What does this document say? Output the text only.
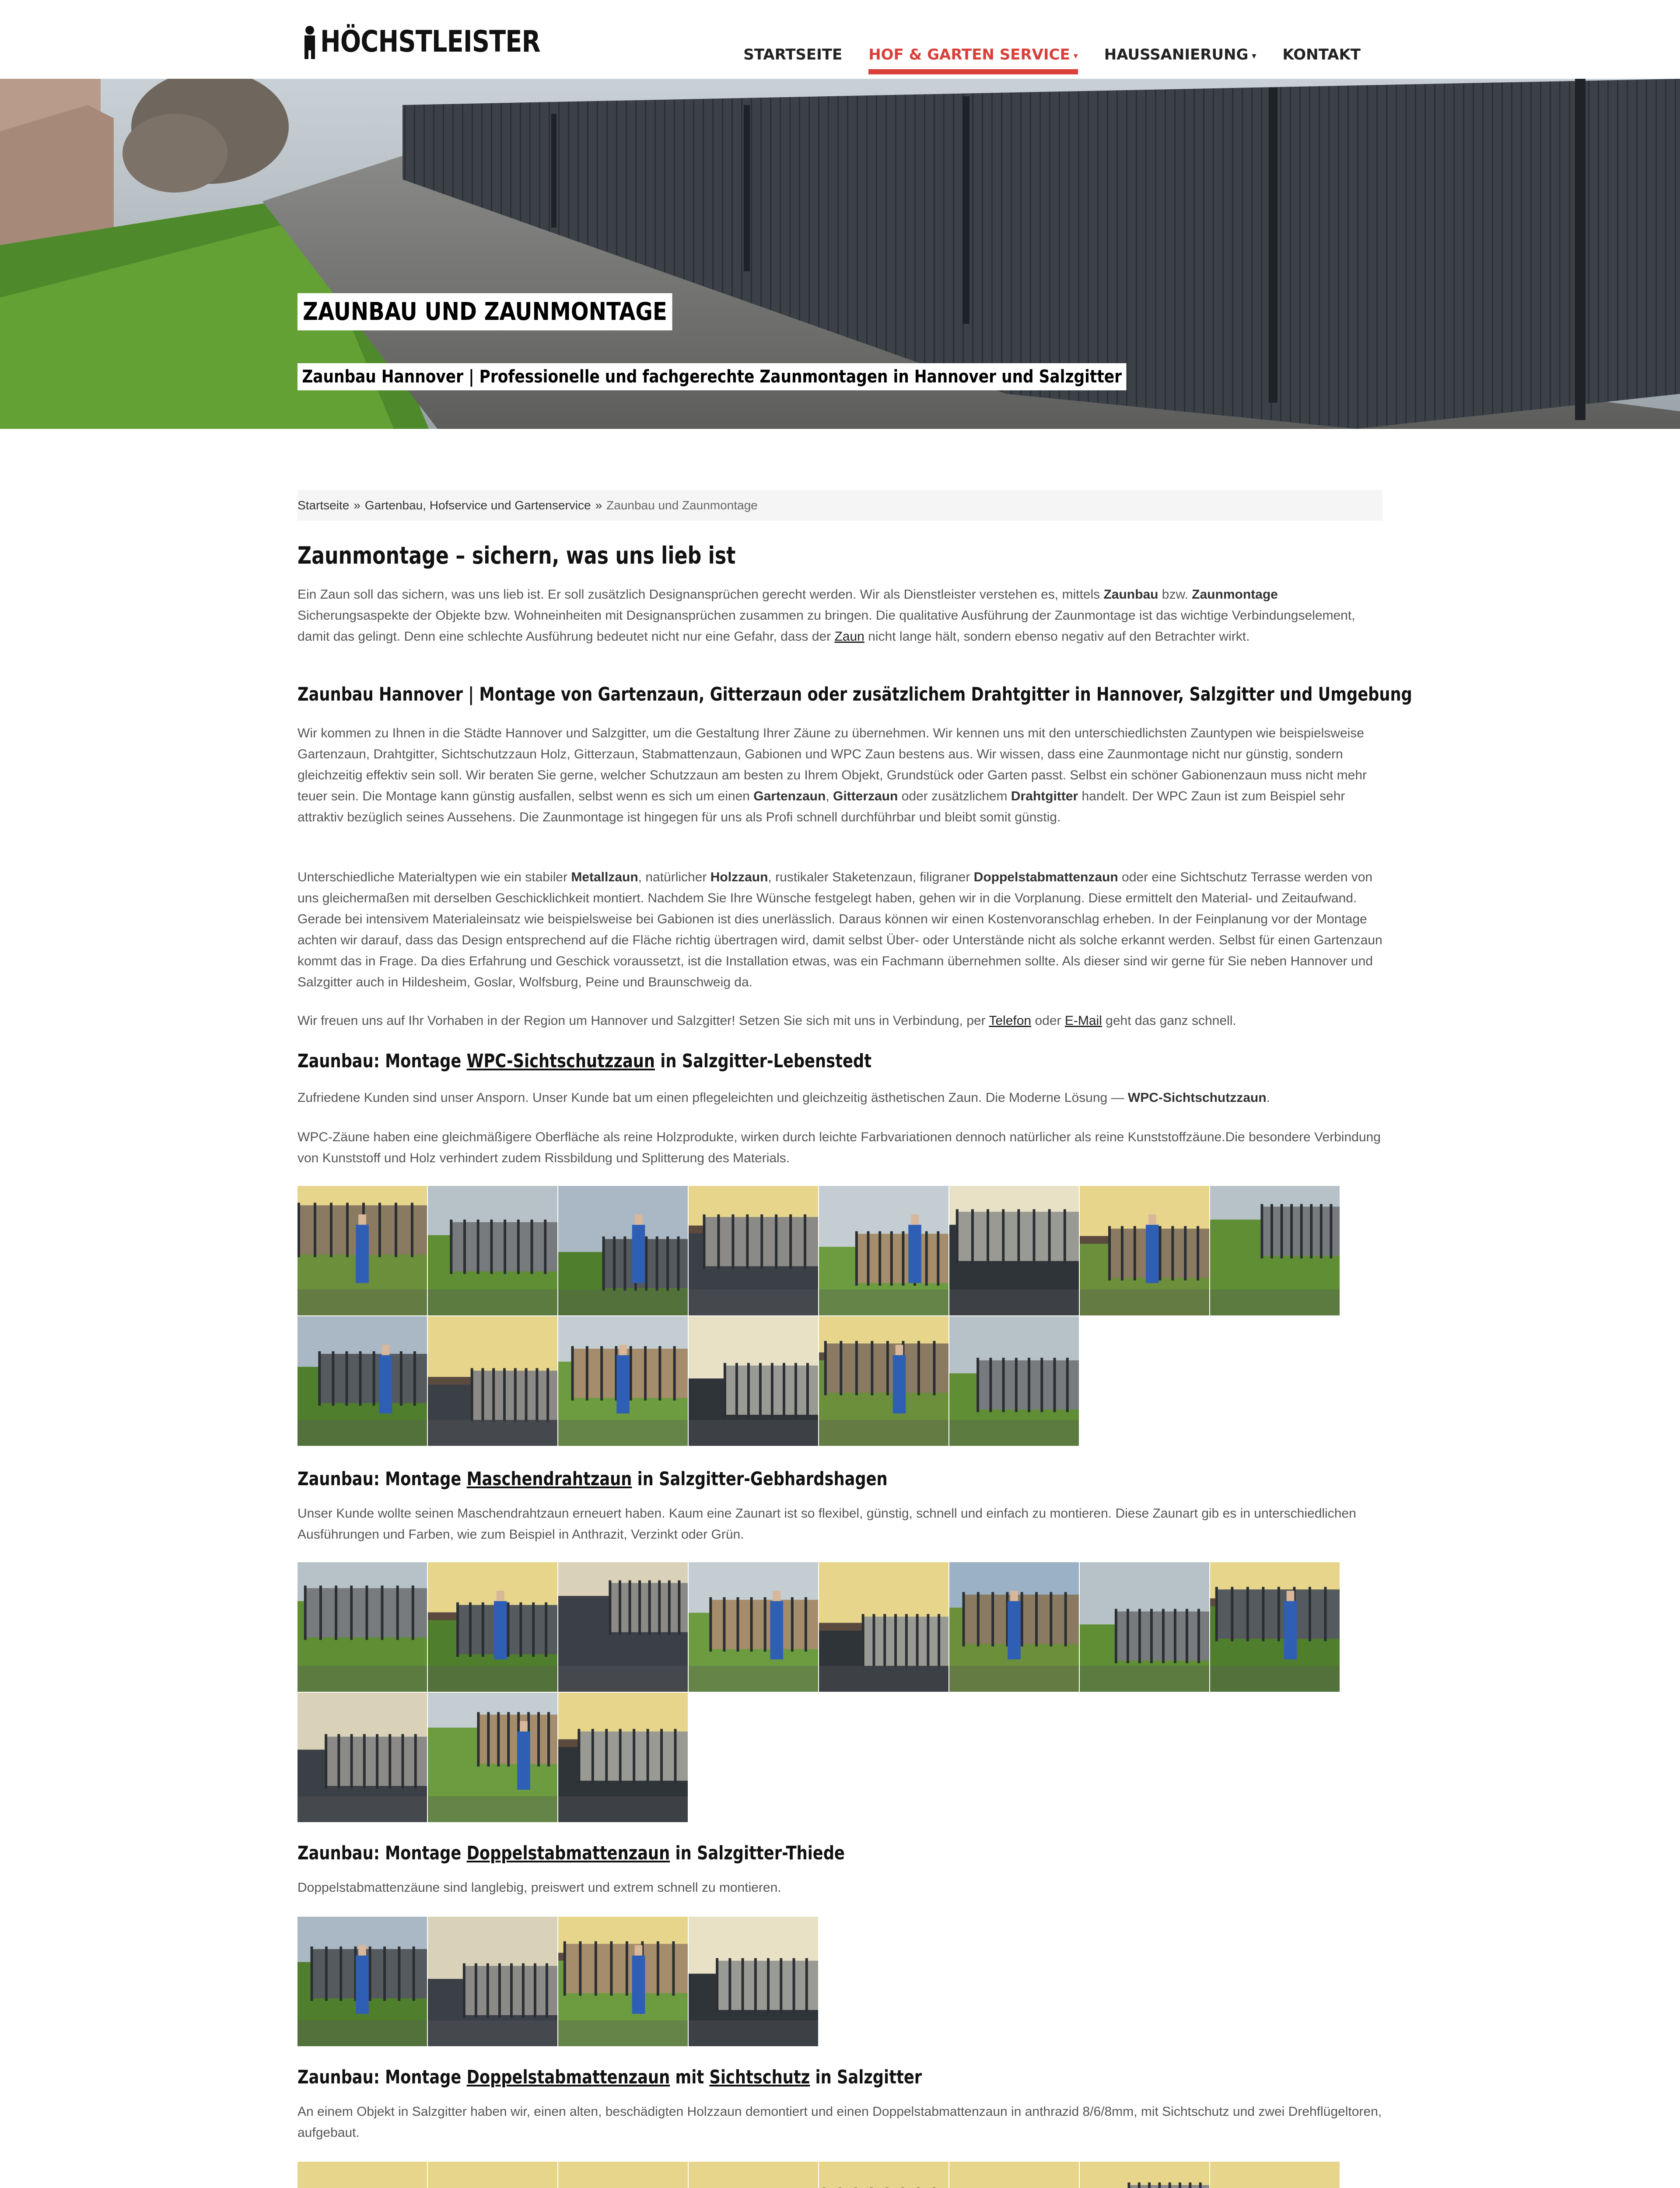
HÖCHSTLEISTER	STARTSEITE	HOF & GARTEN SERVICE ▾	HAUSSANIERUNG ▾	KONTAKT
ZAUNBAU UND ZAUNMONTAGE
Zaunbau Hannover | Professionelle und fachgerechte Zaunmontagen in Hannover und Salzgitter
Startseite » Gartenbau, Hofservice und Gartenservice » Zaunbau und Zaunmontage
Zaunmontage – sichern, was uns lieb ist
Ein Zaun soll das sichern, was uns lieb ist. Er soll zusätzlich Designansprüchen gerecht werden. Wir als Dienstleister verstehen es, mittels Zaunbau bzw. Zaunmontage Sicherungsaspekte der Objekte bzw. Wohneinheiten mit Designansprüchen zusammen zu bringen. Die qualitative Ausführung der Zaunmontage ist das wichtige Verbindungselement, damit das gelingt. Denn eine schlechte Ausführung bedeutet nicht nur eine Gefahr, dass der Zaun nicht lange hält, sondern ebenso negativ auf den Betrachter wirkt.
Zaunbau Hannover | Montage von Gartenzaun, Gitterzaun oder zusätzlichem Drahtgitter in Hannover, Salzgitter und Umgebung
Wir kommen zu Ihnen in die Städte Hannover und Salzgitter, um die Gestaltung Ihrer Zäune zu übernehmen. Wir kennen uns mit den unterschiedlichsten Zauntypen wie beispielsweise Gartenzaun, Drahtgitter, Sichtschutzzaun Holz, Gitterzaun, Stabmattenzaun, Gabionen und WPC Zaun bestens aus. Wir wissen, dass eine Zaunmontage nicht nur günstig, sondern gleichzeitig effektiv sein soll. Wir beraten Sie gerne, welcher Schutzzaun am besten zu Ihrem Objekt, Grundstück oder Garten passt. Selbst ein schöner Gabionenzaun muss nicht mehr teuer sein. Die Montage kann günstig ausfallen, selbst wenn es sich um einen Gartenzaun, Gitterzaun oder zusätzlichem Drahtgitter handelt. Der WPC Zaun ist zum Beispiel sehr attraktiv bezüglich seines Aussehens. Die Zaunmontage ist hingegen für uns als Profi schnell durchführbar und bleibt somit günstig.
Unterschiedliche Materialtypen wie ein stabiler Metallzaun, natürlicher Holzzaun, rustikaler Staketenzaun, filigraner Doppelstabmattenzaun oder eine Sichtschutz Terrasse werden von uns gleichermaßen mit derselben Geschicklichkeit montiert. Nachdem Sie Ihre Wünsche festgelegt haben, gehen wir in die Vorplanung. Diese ermittelt den Material- und Zeitaufwand. Gerade bei intensivem Materialeinsatz wie beispielsweise bei Gabionen ist dies unerlässlich. Daraus können wir einen Kostenvoranschlag erheben. In der Feinplanung vor der Montage achten wir darauf, dass das Design entsprechend auf die Fläche richtig übertragen wird, damit selbst Über- oder Unterstände nicht als solche erkannt werden. Selbst für einen Gartenzaun kommt das in Frage. Da dies Erfahrung und Geschick voraussetzt, ist die Installation etwas, was ein Fachmann übernehmen sollte. Als dieser sind wir gerne für Sie neben Hannover und Salzgitter auch in Hildesheim, Goslar, Wolfsburg, Peine und Braunschweig da.
Wir freuen uns auf Ihr Vorhaben in der Region um Hannover und Salzgitter! Setzen Sie sich mit uns in Verbindung, per Telefon oder E-Mail geht das ganz schnell.
Zaunbau: Montage WPC-Sichtschutzzaun in Salzgitter-Lebenstedt
Zufriedene Kunden sind unser Ansporn. Unser Kunde bat um einen pflegeleichten und gleichzeitig ästhetischen Zaun. Die Moderne Lösung — WPC-Sichtschutzzaun.
WPC-Zäune haben eine gleichmäßigere Oberfläche als reine Holzprodukte, wirken durch leichte Farbvariationen dennoch natürlicher als reine Kunststoffzäune.Die besondere Verbindung von Kunststoff und Holz verhindert zudem Rissbildung und Splitterung des Materials.
Zaunbau: Montage Maschendrahtzaun in Salzgitter-Gebhardshagen
Unser Kunde wollte seinen Maschendrahtzaun erneuert haben. Kaum eine Zaunart ist so flexibel, günstig, schnell und einfach zu montieren. Diese Zaunart gib es in unterschiedlichen Ausführungen und Farben, wie zum Beispiel in Anthrazit, Verzinkt oder Grün.
Zaunbau: Montage Doppelstabmattenzaun in Salzgitter-Thiede
Doppelstabmattenzäune sind langlebig, preiswert und extrem schnell zu montieren.
Zaunbau: Montage Doppelstabmattenzaun mit Sichtschutz in Salzgitter
An einem Objekt in Salzgitter haben wir, einen alten, beschädigten Holzzaun demontiert und einen Doppelstabmattenzaun in anthrazid 8/6/8mm, mit Sichtschutz und zwei Drehflügeltoren, aufgebaut.
